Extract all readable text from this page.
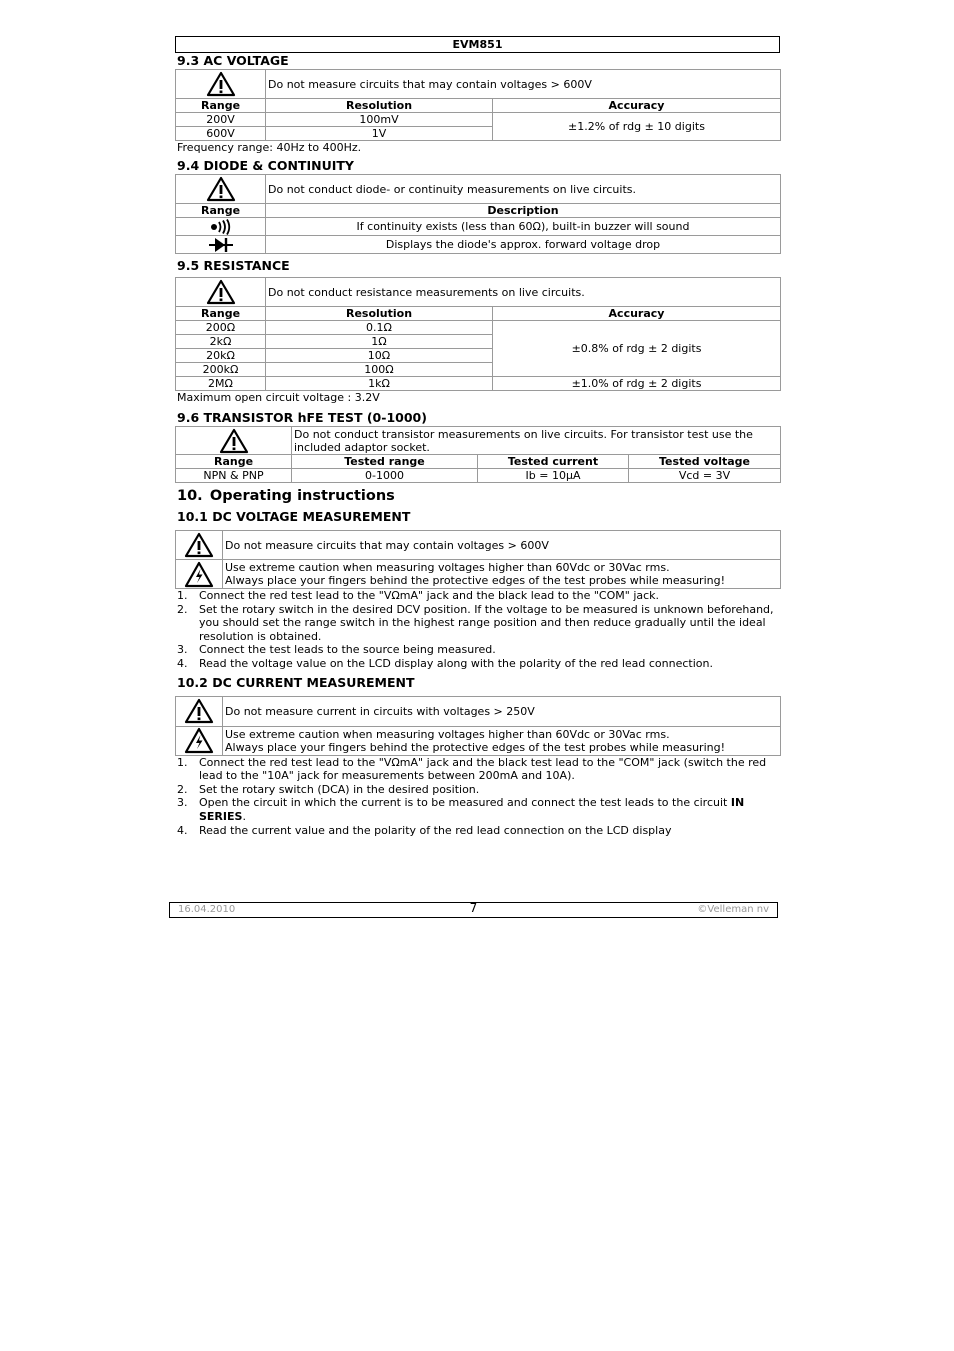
EVM851
9.3 AC VOLTAGE
	Do not measure circuits that may contain voltages > 600V	
Range	Resolution	Accuracy
200V	100mV	±1.2% of rdg ± 10 digits
600V	1V	
Frequency range: 40Hz to 400Hz.
9.4 DIODE & CONTINUITY
	Do not conduct diode- or continuity measurements on live circuits.
Range	Description

	If continuity exists (less than 60Ω), built-in buzzer will sound

	Displays the diode's approx. forward voltage drop
9.5 RESISTANCE
	Do not conduct resistance measurements on live circuits.	
Range	Resolution	Accuracy
200Ω	0.1Ω	±0.8% of rdg ± 2 digits
2kΩ	1Ω	
20kΩ	10Ω	
200kΩ	100Ω	
2MΩ	1kΩ	±1.0% of rdg ± 2 digits
Maximum open circuit voltage : 3.2V
9.6 TRANSISTOR hFE TEST (0-1000)
	Do not conduct transistor measurements on live circuits. For transistor test use the included adaptor socket.		
Range	Tested range	Tested current	Tested voltage
NPN & PNP	0-1000	Ib = 10µA	Vcd = 3V
10. Operating instructions
10.1 DC VOLTAGE MEASUREMENT
	Do not measure circuits that may contain voltages > 600V

Use extreme caution when measuring voltages higher than 60Vdc or 30Vac rms.
Always place your fingers behind the protective edges of the test probes while measuring!
1. Connect the red test lead to the "VΩmA" jack and the black lead to the "COM" jack.
2. Set the rotary switch in the desired DCV position. If the voltage to be measured is unknown beforehand, you should set the range switch in the highest range position and then reduce gradually until the ideal resolution is obtained.
3. Connect the test leads to the source being measured.
4. Read the voltage value on the LCD display along with the polarity of the red lead connection.
10.2 DC CURRENT MEASUREMENT
	Do not measure current in circuits with voltages > 250V

Use extreme caution when measuring voltages higher than 60Vdc or 30Vac rms.
Always place your fingers behind the protective edges of the test probes while measuring!
1. Connect the red test lead to the "VΩmA" jack and the black test lead to the "COM" jack (switch the red lead to the "10A" jack for measurements between 200mA and 10A).
2. Set the rotary switch (DCA) in the desired position.
3. Open the circuit in which the current is to be measured and connect the test leads to the circuit IN SERIES.
4. Read the current value and the polarity of the red lead connection on the LCD display
16.04.2010	7	©Velleman nv
